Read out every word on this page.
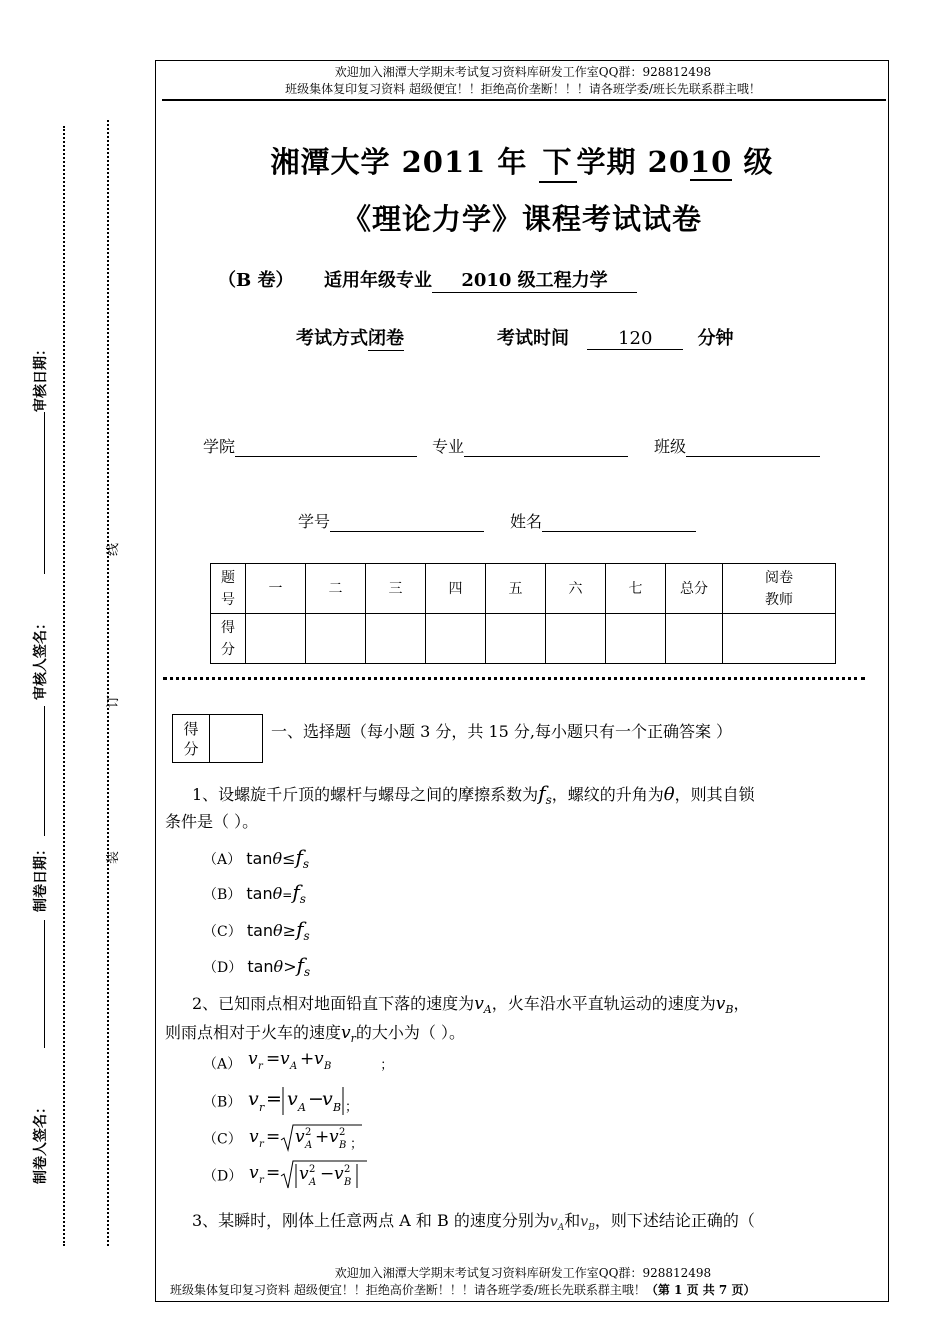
欢迎加入湘潭大学期末考试复习资料库研发工作室QQ群：928812498
班级集体复印复习资料 超级便宜！！拒绝高价垄断！！！请各班学委/班长先联系群主哦！
湘潭大学 2011 年 下 学期 2010 级
《理论力学》课程考试试卷
（B 卷） 适用年级专业 2010 级工程力学
考试方式闭卷	考试时间	120	分钟
学院	专业	班级
学号	姓名
题号	一	二	三	四	五	六	七	总分	阅卷教师
得分									
线
订
装
审核日期：
审核人签名：
制卷日期：
制卷人签名：
得分	
一、选择题（每小题 3 分，共 15 分,每小题只有一个正确答案 ）
1、设螺旋千斤顶的螺杆与螺母之间的摩擦系数为$f_s$，螺纹的升角为θ，则其自锁
条件是（ ）。
（A） $\tan\theta\le f_s$
（B） $\tan\theta=f_s$
（C） $\tan\theta\ge f_s$
（D） $\tan\theta>f_s$
2、已知雨点相对地面铅直下落的速度为$v_A$，火车沿水平直轨运动的速度为$v_B$，
则雨点相对于火车的速度$v_r$的大小为（ ）。
（A） v r = v A + v B	；
（B） v r = v A −
v B ；
（C） v r = v 2
A + v 2
B ；
（D） v r = v 2
A − v 2
B
3、某瞬时，刚体上任意两点 A 和 B 的速度分别为$v_A$和$v_B$，则下述结论正确的（
欢迎加入湘潭大学期末考试复习资料库研发工作室QQ群：928812498
班级集体复印复习资料 超级便宜！！拒绝高价垄断！！！请各班学委/班长先联系群主哦！（第 1 页 共 7 页）
